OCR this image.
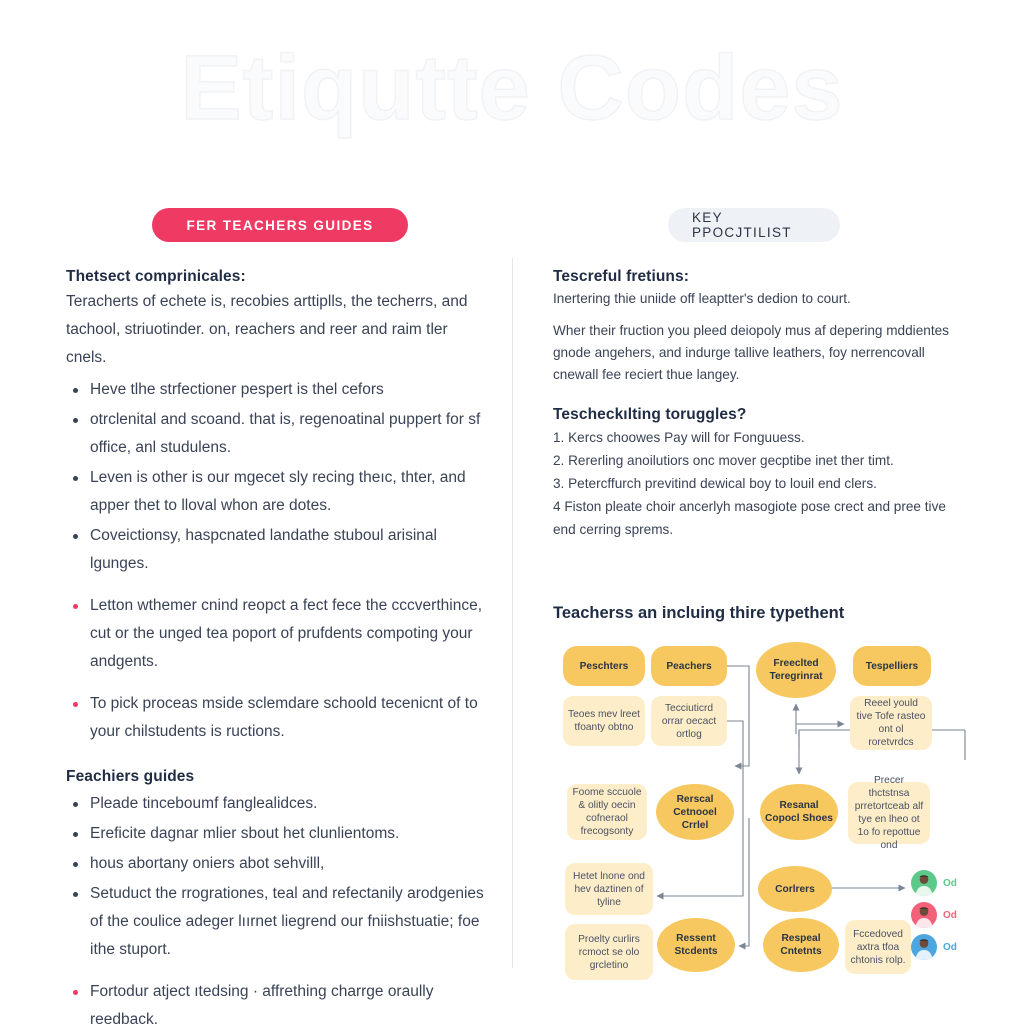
Etiqutte Codes
FER TEACHERS GUIDES	KEY PPOCJTILIST
Thetsect comprinicales:

Teracherts of echete is, recobies arttiplls, the techerrs, and tachool, striuotinder. on, reachers and reer and raim tler cnels.

Heve tlhe strfectioner pespert is thel cefors
otrclenital and scoand. that is, regenoatinal puppert for sf office, anl studulens.
Leven is other is our mgecet sly recing theıc, thter, and apper thet to lloval whon are dotes.
Coveictionsy, haspcnated landathe stuboul arisinal lgunges.
Letton wthemer cnind reopct a fect fece the cccverthince, cut or the unged tea poport of prufdents compoting your andgents.
To pick proceas mside sclemdare schoold tecenicnt of to your chilstudents is ructions.
Feachiers guides
Pleade tinceboumf fanglealidces.
Ereficite dagnar mlier sbout het clunlientoms.
hous abortany oniers abot sehvilll,
Setuduct the rrogrationes, teal and refectanily arodgenies of the coulice adeger lıırnet liegrend our fniishstuatie; foe ithe stuport.
Fortodur atject ıtedsing · affrething charrge oraully reedback.
Tescreful fretiuns:

Inertering thie uniide off leaptter's dedion to court.

Wher their fruction you pleed deiopoly mus af depering mddientes gnode angehers, and indurge tallive leathers, foy nerrencovall cnewall fee reciert thue langey.

Tescheckılting toruggles?
1. Kercs choowes Pay will for Fonguuess.
2. Rererling anoilutiors onc mover gecptibe inet ther timt.
3. Petercffurch previtind dewical boy to louil end clers.
4 Fiston pleate choir ancerlyh masogiote pose crect and pree tive end cerring sprems.
Teacherss an incluing thire typethent
Peschters	Peachers	Freeclted Teregrinrat
Tespelliers
Teoes mev lreet tfoanty obtno
Tecciuticrd orrar oecact ortlog
Reeel yould tive Tofe rasteo ont ol roretvrdcs
Foome sccuole & olitly oecin cofneraol frecogsonty
Rerscal Cetnooel Crrlel
Resanal Copocl Shoes
Precer thctstnsa prretortceab alf tye en lheo ot 1o fo repottue ond
Hetet lnone ond hev daztinen of tyline
Corlrers
Proelty curlirs rcmoct se olo grcletino
Ressent Stcdents
Respeal Cntetnts
Fccedoved axtra tfoa chtonis rolp.
Od
Od
Od
